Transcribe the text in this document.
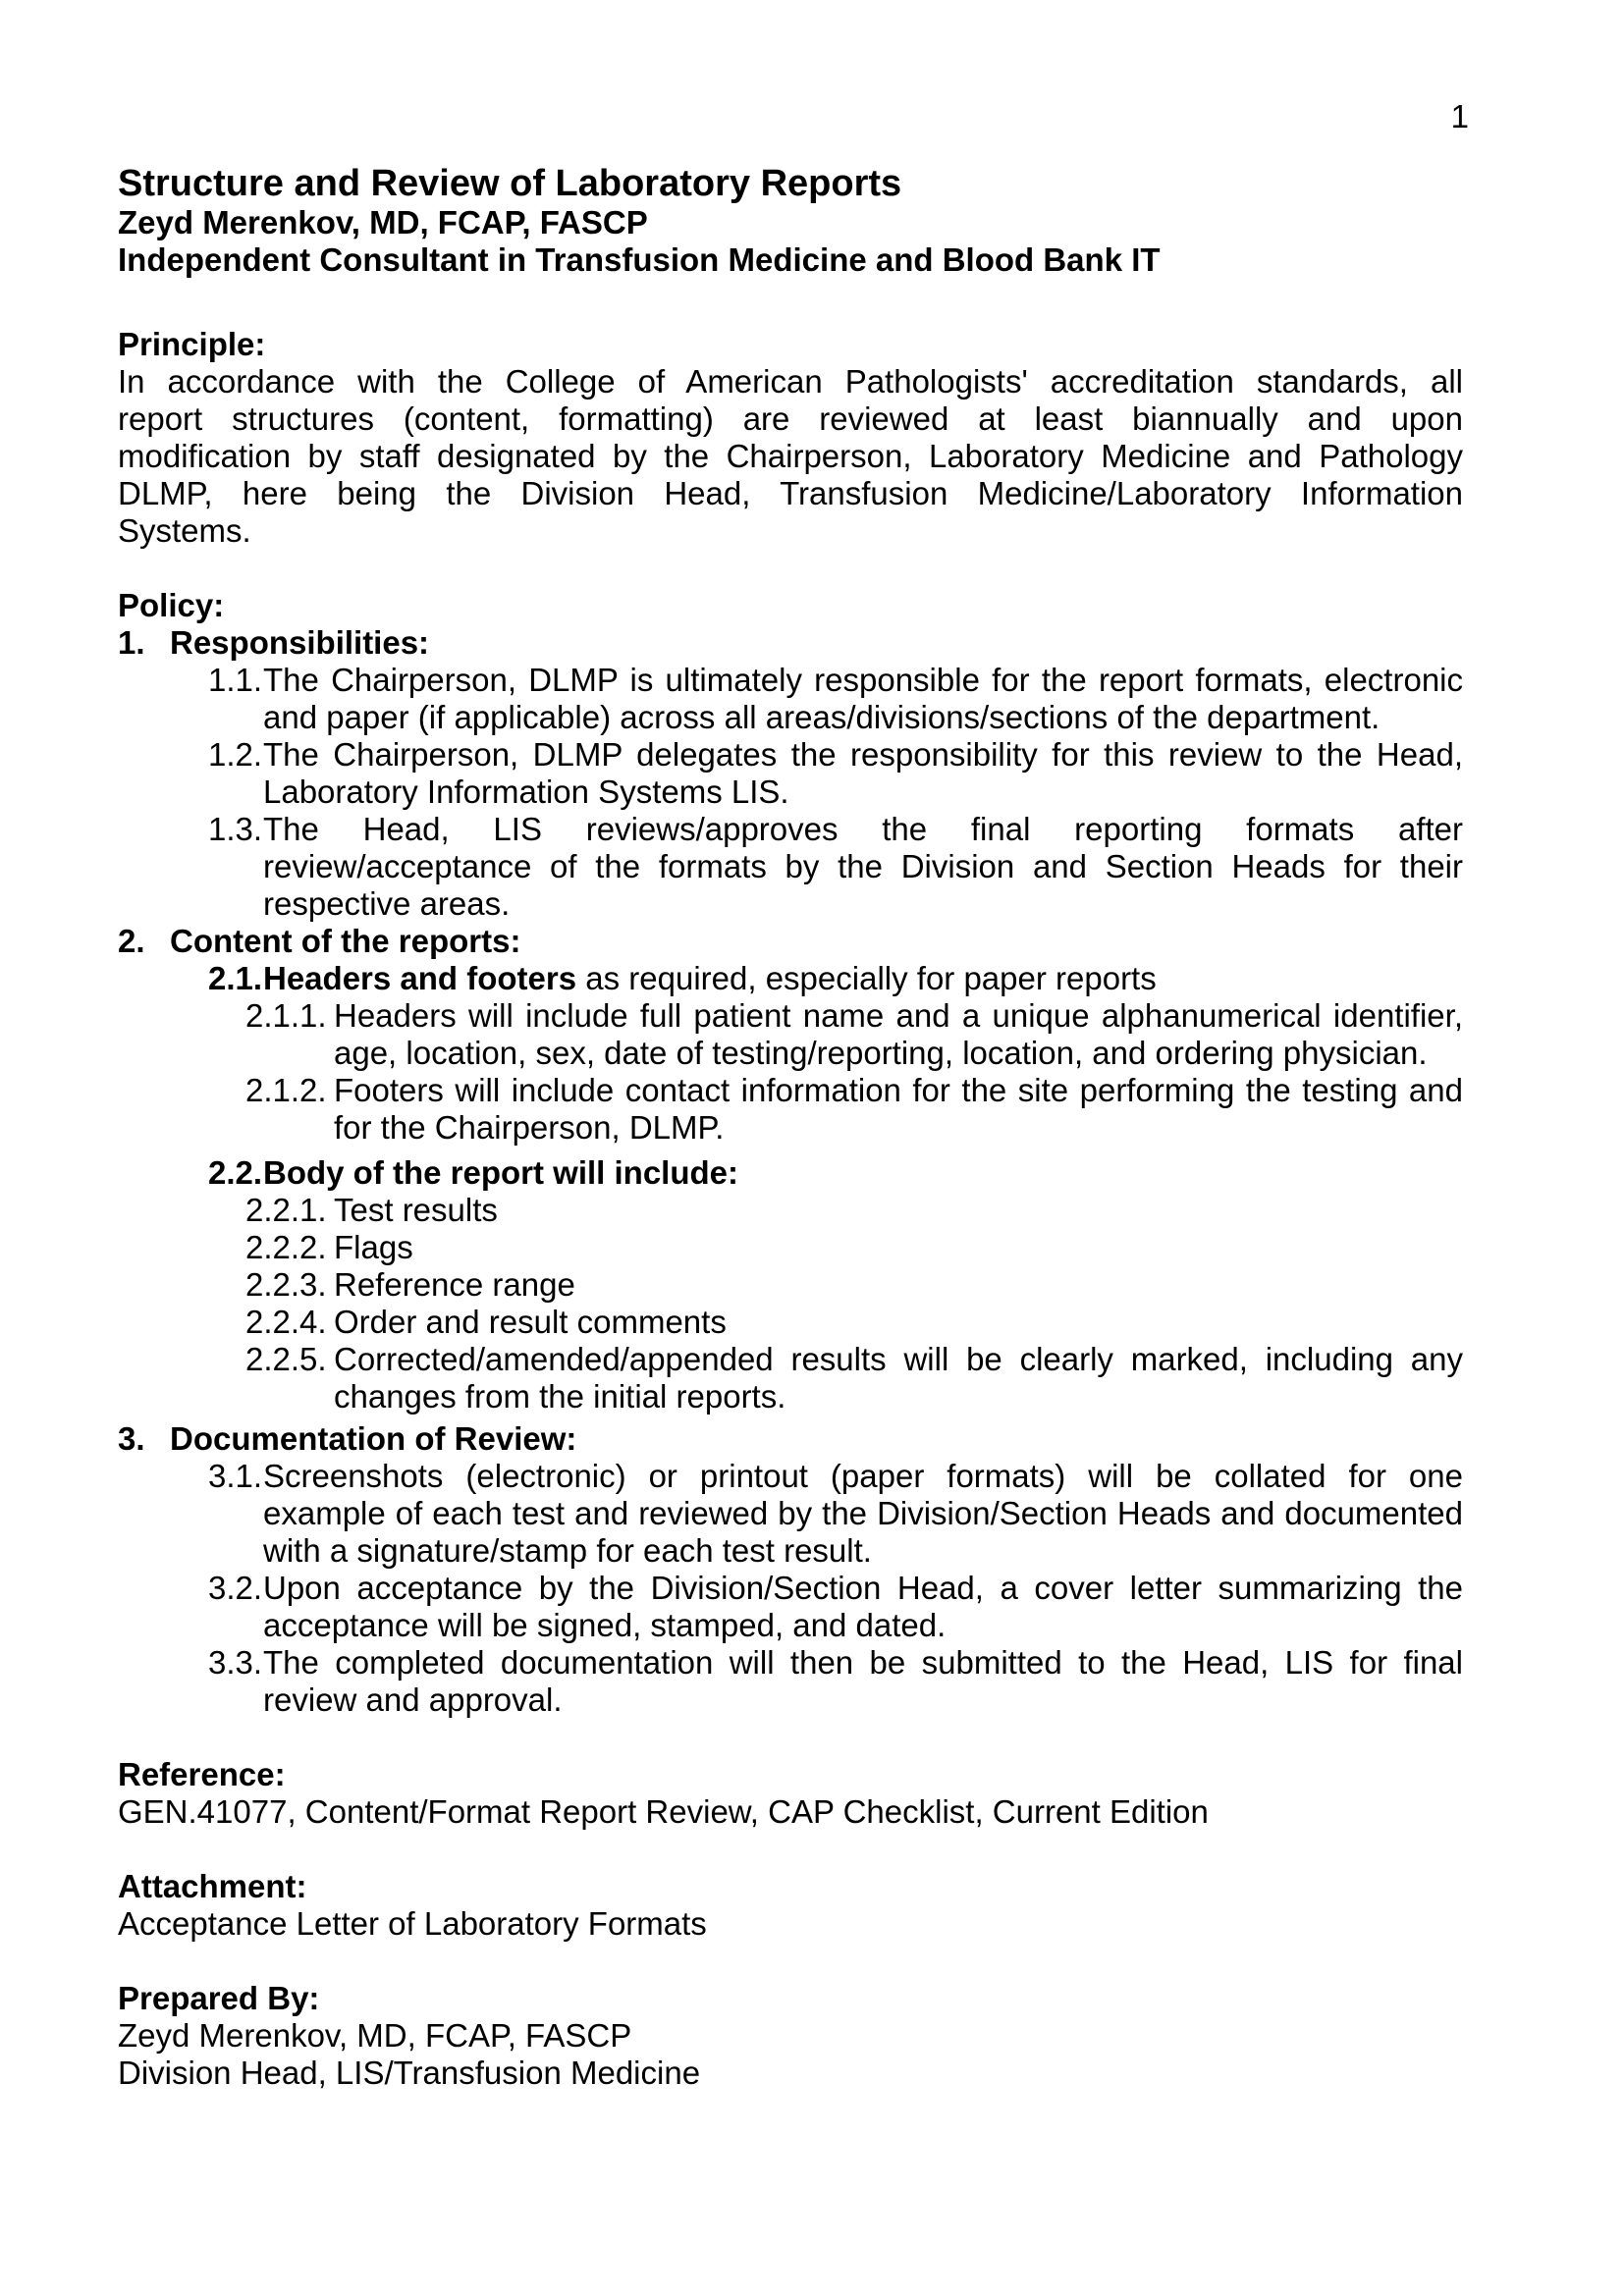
1
Structure and Review of Laboratory Reports
Zeyd Merenkov, MD, FCAP, FASCP
Independent Consultant in Transfusion Medicine and Blood Bank IT
Principle:
In accordance with the College of American Pathologists' accreditation standards, all
report structures (content, formatting) are reviewed at least biannually and upon
modification by staff designated by the Chairperson, Laboratory Medicine and Pathology
DLMP, here being the Division Head, Transfusion Medicine/Laboratory Information
Systems.
Policy:
1. Responsibilities:
1.1.The Chairperson, DLMP is ultimately responsible for the report formats, electronic
and paper (if applicable) across all areas/divisions/sections of the department.
1.2.The Chairperson, DLMP delegates the responsibility for this review to the Head,
Laboratory Information Systems LIS.
1.3.The Head, LIS reviews/approves the final reporting formats after
review/acceptance of the formats by the Division and Section Heads for their
respective areas.
2. Content of the reports:
2.1.Headers and footers as required, especially for paper reports
2.1.1. Headers will include full patient name and a unique alphanumerical identifier,
age, location, sex, date of testing/reporting, location, and ordering physician.
2.1.2. Footers will include contact information for the site performing the testing and
for the Chairperson, DLMP.
2.2.Body of the report will include:
2.2.1. Test results
2.2.2. Flags
2.2.3. Reference range
2.2.4. Order and result comments
2.2.5. Corrected/amended/appended results will be clearly marked, including any
changes from the initial reports.
3. Documentation of Review:
3.1.Screenshots (electronic) or printout (paper formats) will be collated for one
example of each test and reviewed by the Division/Section Heads and documented
with a signature/stamp for each test result.
3.2.Upon acceptance by the Division/Section Head, a cover letter summarizing the
acceptance will be signed, stamped, and dated.
3.3.The completed documentation will then be submitted to the Head, LIS for final
review and approval.
Reference:
GEN.41077, Content/Format Report Review, CAP Checklist, Current Edition
Attachment:
Acceptance Letter of Laboratory Formats
Prepared By:
Zeyd Merenkov, MD, FCAP, FASCP
Division Head, LIS/Transfusion Medicine
